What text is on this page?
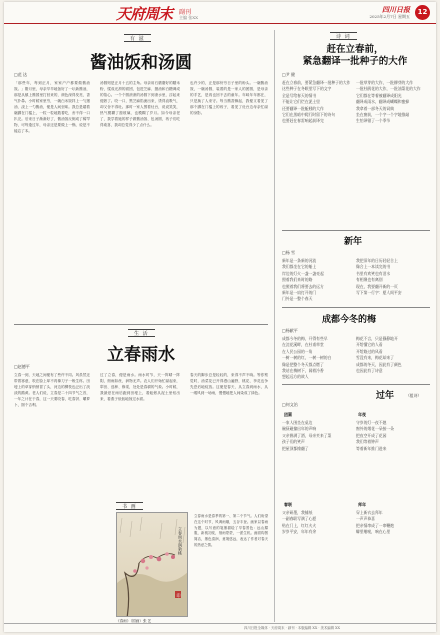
天府周末 副刊
主编 张XX
四川日报
2025年2月7日 星期五
12
有 滋
酱油饭和汤圆
□范 达
「那些年，每到正月，家家户户都要做酱油饭。」腊月里，母亲早早地备好了一坛新酱油，那是从镇上酱园里打回来的，颜色深得发亮，香气扑鼻。小时候家里穷，一碗白米饭拌上一勺猪油、浇上一勺酱油，便是人间至味。我总是端着碗蹲在门槛上，一粒一粒地数着吃，舍不得一口扒完。后来日子渐渐好了，酱油饭反倒成了稀罕物，可每逢过年，母亲还是要做上一锅，说是不能忘了本。
汤圆则是正月十五的主角。母亲用石磨磨好的糯米粉，揉成光滑的面团，包进芝麻、猪油和白糖调成的馅心。一个个圆滚滚的汤圆下到滚水里，浮起来便熟了。咬一口，黑芝麻馅流出来，烫得直吸气，却又舍不得吐。那时一家人围着灶台，说说笑笑，热气模糊了窗玻璃，也模糊了岁月。如今母亲老了，我学着她的样子做酱油饭、包汤圆，孩子们吃得欢喜，我却总觉得少了点什么。
也许少的，正是那份穷日子里的盼头。一碗酱油饭，一碗汤圆，装着的是一家人的团圆，是母亲的手艺，是再也回不去的童年。年味年年都在，只是换了人来守。每当酱香飘起，我便又看见了那个蹲在门槛上的孩子，看见了灶台边母亲忙碌的身影。
生 活
立春雨水
□赵德平
立春一到，天地之间便有了些许不同。风虽然还带着寒意，吹在脸上却不再像刀子一般生疼。田埂上的草芽悄悄冒了头，河边的柳枝也泛出了淡淡的鹅黄。老人们说，立春是二十四节气之首，一年之计在于春，这一天要咬春，吃春饼、嚼萝卜，图个吉利。
过了立春，便是雨水。雨水时节，天一阵晴一阵阴，细雨如丝，润物无声。农人们开始忙碌起来，犁田、选种、修渠，处处是春耕的气象。小时候，我最爱在雨后跑到田埂上，看蚯蚓从泥土里钻出来，看燕子低低地掠过水面。
春天的脚步总是轻轻的，来得不声不响。等你察觉时，油菜花已开得漫山遍野，桃花、李花也争先恐后地绽放。这便是春天，从立春到雨水，从一缕风到一场雨，慢慢地把人间染成了绿色。
书 画
立春雨水润新桃
印
立春雨水是春季的第一、第二个节气。人们盼望在这个时节，风调雨顺，五谷丰登。画家以春雨为题，以写意的笔墨描绘了早春景色：远山朦胧，新桃初绽，细雨蒙蒙，一派生机。画面构图简洁，墨色清润，意境悠远，表达了作者对春天的热爱之情。
《春雨》（国画）张 艺
诗 词
赶在立春前，
紧急翻译一批种子的大作
□尹 健
赶在立春前，要紧急翻译一批种子的大作
这些种子在冬眠里写下的文字
全是写给春天的情书
不能让它们烂在泥土里
还要翻译一批蚯蚓的大作
它们在黑暗中爬行时留下的诗句
也要赶在春雷响起前译完
一批草芽的大作，一批柳芽的大作
一批杜鹃花的大作，一批油菜花的大作
它们都在等着被翻译成阳光
翻译成雨水，翻译成蝴蝶和蜜蜂
我拿着一部冬天的词典
坐在窗前，一个字一个字地推敲
生怕译错了一个季节
新年
□杨 雪
新年是一条新的河流
我们都坐在它的船上
岸边的灯火一盏一盏亮起
照着我们来时的路
也照着我们将要去的远方
新年是一扇打开的门
门外是一整个春天
我把旧年的日历轻轻合上
像合上一本读完的书
书里有欢笑也有泪水
有相聚也有离别
现在，我要翻开新的一页
写下第一行字：愿人间平安
成都今冬的梅
□杨献平
成都今冬的梅，开得有些早
在浣花溪畔，在杜甫草堂
在人民公园的一角
一树一树的红，一树一树的白
像是把整个冬天都点燃了
我站在梅树下，闻着冷香
想起远方的故人
梅花不言，只是静静地开
开给懂它的人看
开给路过的风看
雪没有来，梅花却来了
成都的冬天，因此有了颜色
也因此有了诗意
过年	（组诗）
□何文治
团圆
一家人围坐在桌边
碗筷碰撞出年的声响
父亲斟满了酒，母亲夹来了菜
孩子们的笑声
把屋顶都掀翻了
年夜
守岁的灯一夜不熄
窗外的烟花一朵接一朵
把夜空开成了花园
我们等着钟声
等着新年推门进来
春联
父亲研墨，我铺纸
一副春联写满了心愿
贴在门上，红红火火
岁岁平安，年年有余
拜年
穿上新衣去拜年
一声声恭喜
把亲情串成了一串鞭炮
噼里啪啦，响在心里
四川日报全媒体 · 天府周末 · 副刊 · 本版编辑 XX · 美术编辑 XX
